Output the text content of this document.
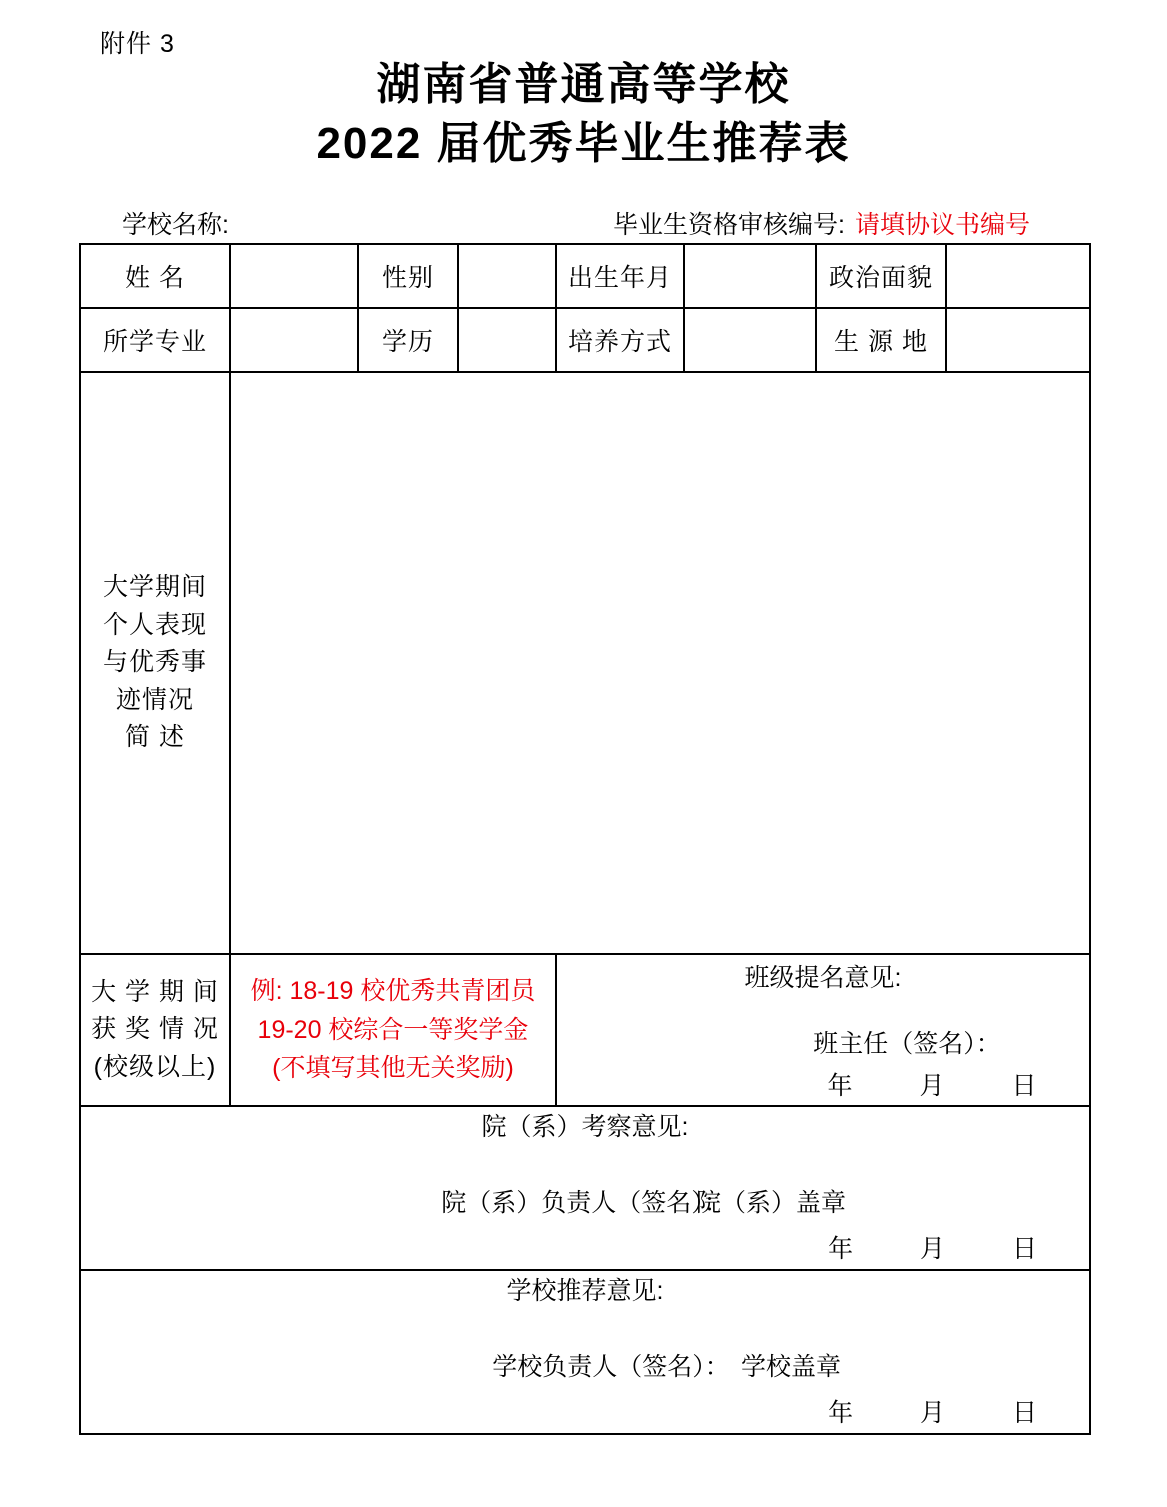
附件 3
湖南省普通高等学校
2022 届优秀毕业生推荐表
学校名称:	毕业生资格审核编号: 请填协议书编号
姓 名		性别		出生年月		政治面貌	
所学专业		学历		培养方式		生 源 地	

大学期间
个人表现
与优秀事
迹情况
简 述							

大 学 期 间
获 奖 情 况
(校级以上)

例: 18-19 校优秀共青团员
19-20 校综合一等奖学金
(不填写其他无关奖励)

班级提名意见:
班主任（签名）：
年 月 日

院（系）考察意见:
院（系）负责人（签名）：
院（系）盖章
年 月 日							

学校推荐意见:
学校负责人（签名）： 学校盖章
年 月 日							
